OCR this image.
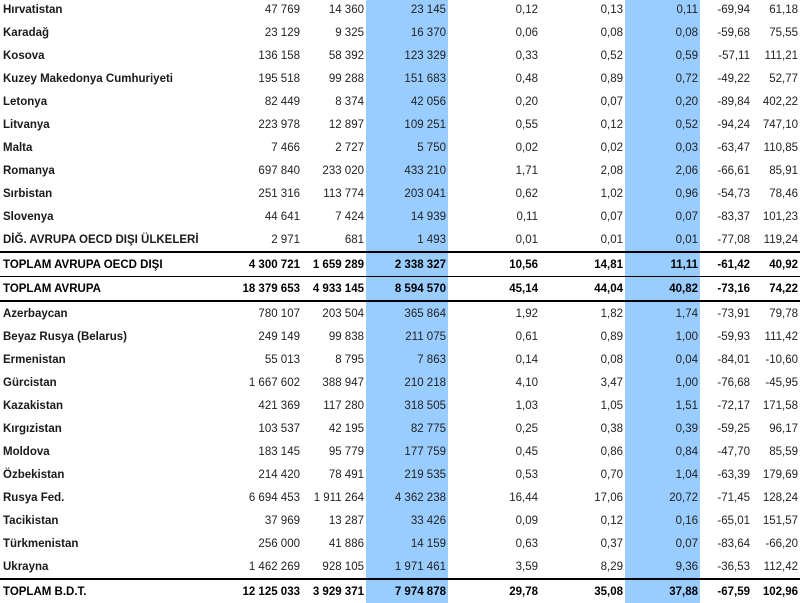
Hırvatistan	47 769	14 360	23 145	0,12	0,13	0,11	-69,94	61,18
Karadağ	23 129	9 325	16 370	0,06	0,08	0,08	-59,68	75,55
Kosova	136 158	58 392	123 329	0,33	0,52	0,59	-57,11	111,21
Kuzey Makedonya Cumhuriyeti	195 518	99 288	151 683	0,48	0,89	0,72	-49,22	52,77
Letonya	82 449	8 374	42 056	0,20	0,07	0,20	-89,84	402,22
Litvanya	223 978	12 897	109 251	0,55	0,12	0,52	-94,24	747,10
Malta	7 466	2 727	5 750	0,02	0,02	0,03	-63,47	110,85
Romanya	697 840	233 020	433 210	1,71	2,08	2,06	-66,61	85,91
Sırbistan	251 316	113 774	203 041	0,62	1,02	0,96	-54,73	78,46
Slovenya	44 641	7 424	14 939	0,11	0,07	0,07	-83,37	101,23
DİĞ. AVRUPA OECD DIŞI ÜLKELERİ	2 971	681	1 493	0,01	0,01	0,01	-77,08	119,24
TOPLAM AVRUPA OECD DIŞI	4 300 721	1 659 289	2 338 327	10,56	14,81	11,11	-61,42	40,92
TOPLAM AVRUPA	18 379 653	4 933 145	8 594 570	45,14	44,04	40,82	-73,16	74,22
Azerbaycan	780 107	203 504	365 864	1,92	1,82	1,74	-73,91	79,78
Beyaz Rusya (Belarus)	249 149	99 838	211 075	0,61	0,89	1,00	-59,93	111,42
Ermenistan	55 013	8 795	7 863	0,14	0,08	0,04	-84,01	-10,60
Gürcistan	1 667 602	388 947	210 218	4,10	3,47	1,00	-76,68	-45,95
Kazakistan	421 369	117 280	318 505	1,03	1,05	1,51	-72,17	171,58
Kırgızistan	103 537	42 195	82 775	0,25	0,38	0,39	-59,25	96,17
Moldova	183 145	95 779	177 759	0,45	0,86	0,84	-47,70	85,59
Özbekistan	214 420	78 491	219 535	0,53	0,70	1,04	-63,39	179,69
Rusya Fed.	6 694 453	1 911 264	4 362 238	16,44	17,06	20,72	-71,45	128,24
Tacikistan	37 969	13 287	33 426	0,09	0,12	0,16	-65,01	151,57
Türkmenistan	256 000	41 886	14 159	0,63	0,37	0,07	-83,64	-66,20
Ukrayna	1 462 269	928 105	1 971 461	3,59	8,29	9,36	-36,53	112,42
TOPLAM B.D.T.	12 125 033	3 929 371	7 974 878	29,78	35,08	37,88	-67,59	102,96
